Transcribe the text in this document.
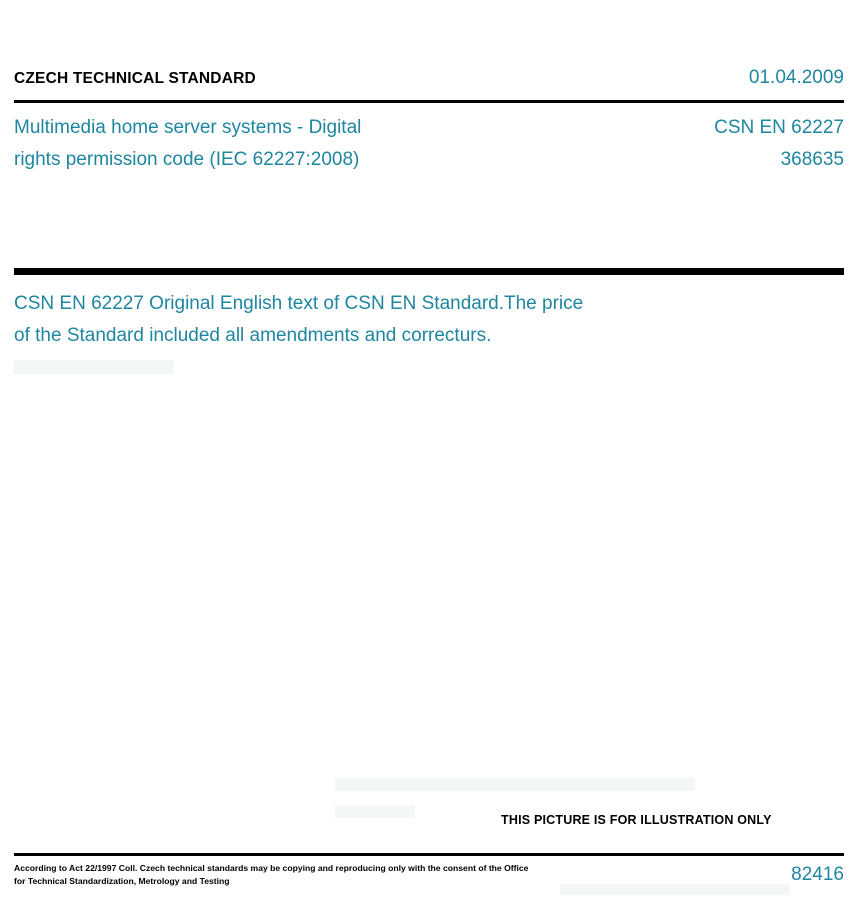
CZECH TECHNICAL STANDARD	01.04.2009
Multimedia home server systems - Digital
rights permission code (IEC 62227:2008)
CSN EN 62227
368635
CSN EN 62227 Original English text of CSN EN Standard.The price
of the Standard included all amendments and correcturs.
THIS PICTURE IS FOR ILLUSTRATION ONLY
According to Act 22/1997 Coll. Czech technical standards may be copying and reproducing only with the consent of the Office
for Technical Standardization, Metrology and Testing	82416
